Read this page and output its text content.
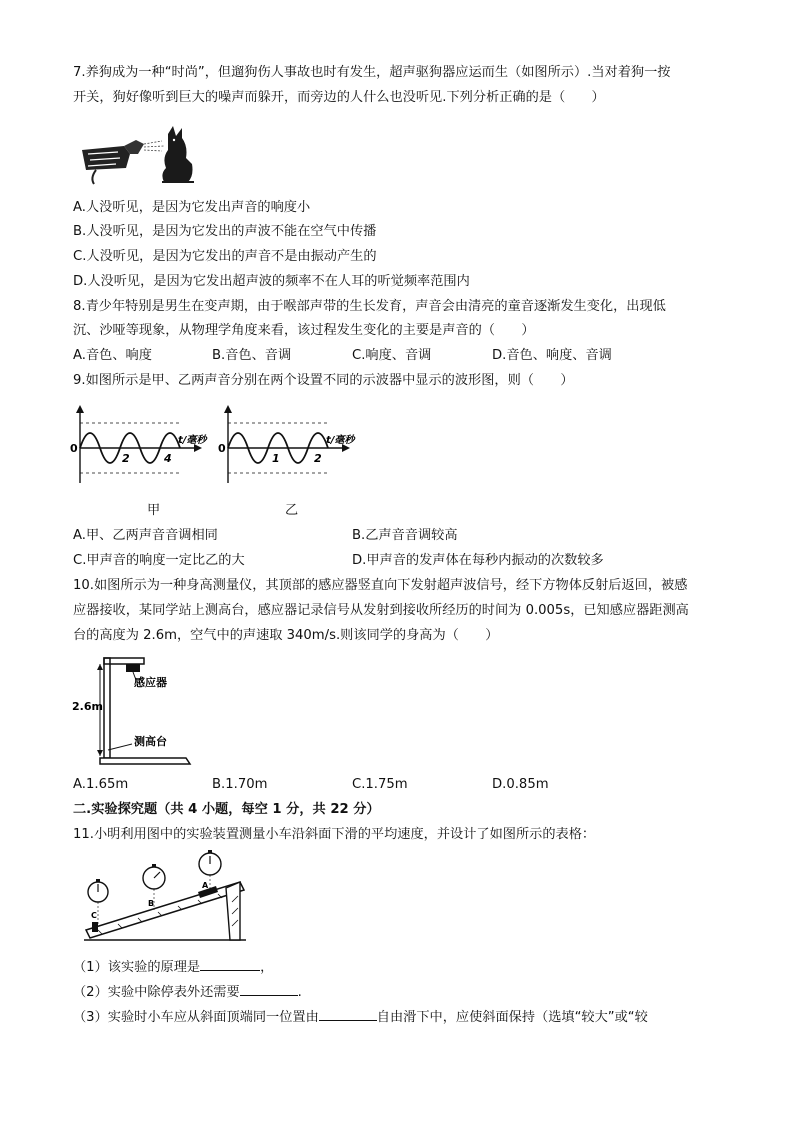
7.养狗成为一种“时尚”，但遛狗伤人事故也时有发生，超声驱狗器应运而生（如图所示）.当对着狗一按
开关，狗好像听到巨大的噪声而躲开，而旁边的人什么也没听见.下列分析正确的是（　　）
A.人没听见，是因为它发出声音的响度小
B.人没听见，是因为它发出的声波不能在空气中传播
C.人没听见，是因为它发出的声音不是由振动产生的
D.人没听见，是因为它发出超声波的频率不在人耳的听觉频率范围内
8.青少年特别是男生在变声期，由于喉部声带的生长发育，声音会由清亮的童音逐渐发生变化，出现低
沉、沙哑等现象，从物理学角度来看，该过程发生变化的主要是声音的（　　）
A.音色、响度	B.音色、音调	C.响度、音调	D.音色、响度、音调
9.如图所示是甲、乙两声音分别在两个设置不同的示波器中显示的波形图，则（　　）
0
2	4
t/毫秒
0
1	2
t/毫秒
甲	乙
A.甲、乙两声音音调相同	B.乙声音音调较高
C.甲声音的响度一定比乙的大	D.甲声音的发声体在每秒内振动的次数较多
10.如图所示为一种身高测量仪，其顶部的感应器竖直向下发射超声波信号，经下方物体反射后返回，被感
应器接收，某同学站上测高台，感应器记录信号从发射到接收所经历的时间为 0.005s，已知感应器距测高
台的高度为 2.6m，空气中的声速取 340m/s.则该同学的身高为（　　）
2.6m
感应器
测高台
A.1.65m	B.1.70m	C.1.75m	D.0.85m
二.实验探究题（共 4 小题，每空 1 分，共 22 分）
11.小明利用图中的实验装置测量小车沿斜面下滑的平均速度，并设计了如图所示的表格：
C
B
A
（1）该实验的原理是	，
（2）实验中除停表外还需要	.
（3）实验时小车应从斜面顶端同一位置由	自由滑下中，应使斜面保持（选填“较大”或“较
